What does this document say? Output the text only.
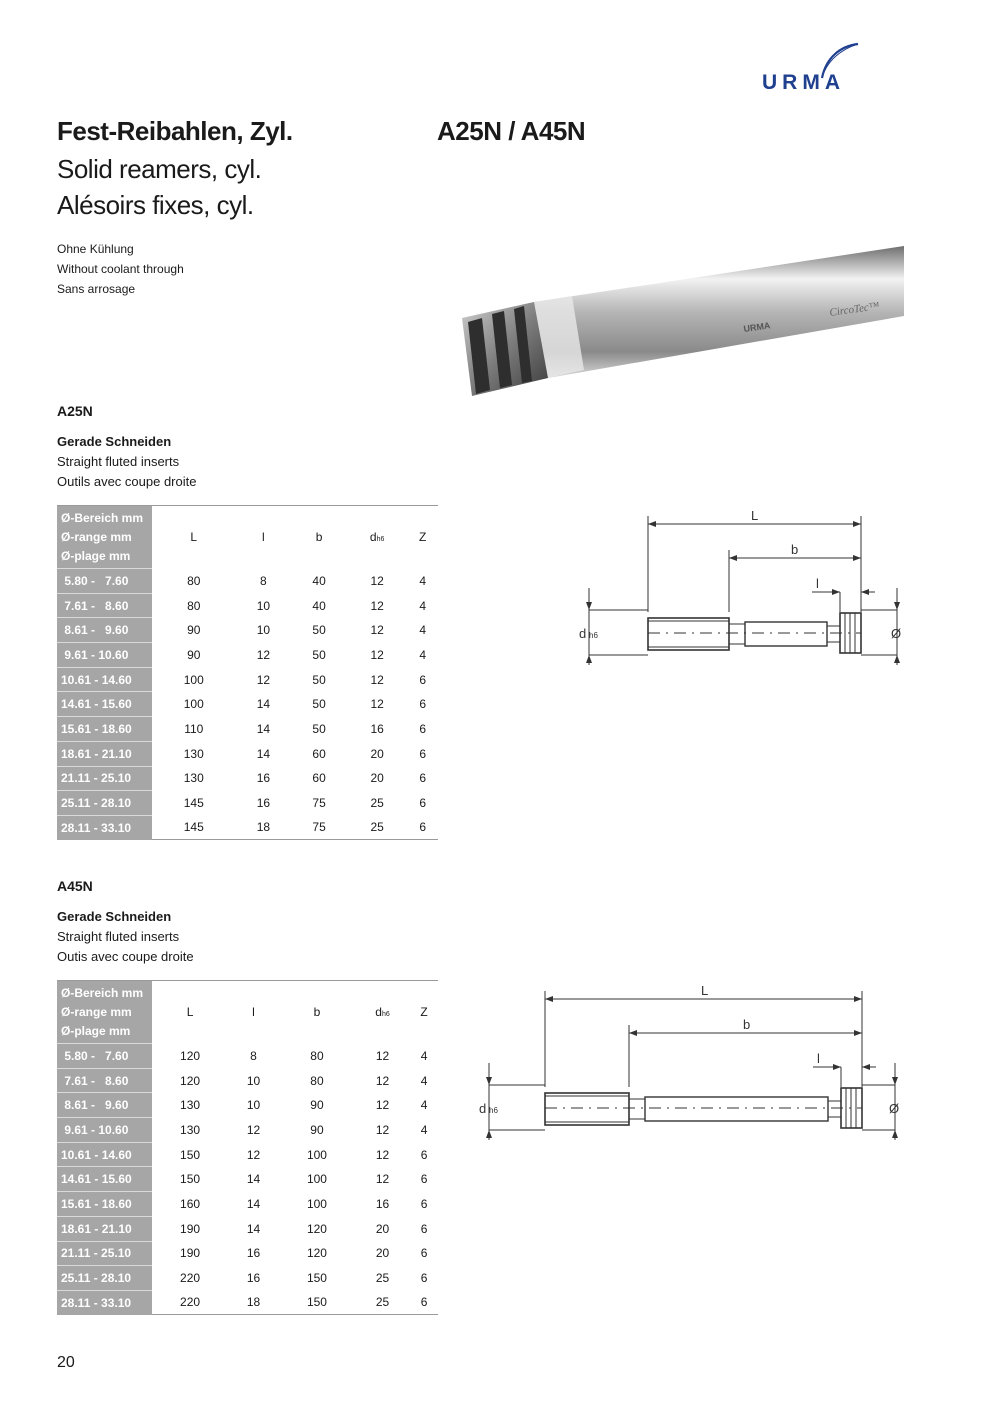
URMA
Fest-Reibahlen, Zyl.	A25N / A45N
Solid reamers, cyl.
Alésoirs fixes, cyl.
Ohne Kühlung
Without coolant through
Sans arrosage
URMA
CircoTec™
A25N
Gerade Schneiden
Straight fluted inserts
Outils avec coupe droite
Ø-Bereich mm
Ø-range mm
Ø-plage mm	L	l	b	dh6	Z
5.80 -   7.60	80	8	40	12	4
7.61 -   8.60	80	10	40	12	4
8.61 -   9.60	90	10	50	12	4
9.61 - 10.60	90	12	50	12	4
10.61 - 14.60	100	12	50	12	6
14.61 - 15.60	100	14	50	12	6
15.61 - 18.60	110	14	50	16	6
18.61 - 21.10	130	14	60	20	6
21.11 - 25.10	130	16	60	20	6
25.11 - 28.10	145	16	75	25	6
28.11 - 33.10	145	18	75	25	6
L
b
l
d h6	Ø
A45N
Gerade Schneiden
Straight fluted inserts
Outis avec coupe droite
Ø-Bereich mm
Ø-range mm
Ø-plage mm	L	l	b	dh6	Z
5.80 -   7.60	120	8	80	12	4
7.61 -   8.60	120	10	80	12	4
8.61 -   9.60	130	10	90	12	4
9.61 - 10.60	130	12	90	12	4
10.61 - 14.60	150	12	100	12	6
14.61 - 15.60	150	14	100	12	6
15.61 - 18.60	160	14	100	16	6
18.61 - 21.10	190	14	120	20	6
21.11 - 25.10	190	16	120	20	6
25.11 - 28.10	220	16	150	25	6
28.11 - 33.10	220	18	150	25	6
L
b
l
d h6	Ø
20
